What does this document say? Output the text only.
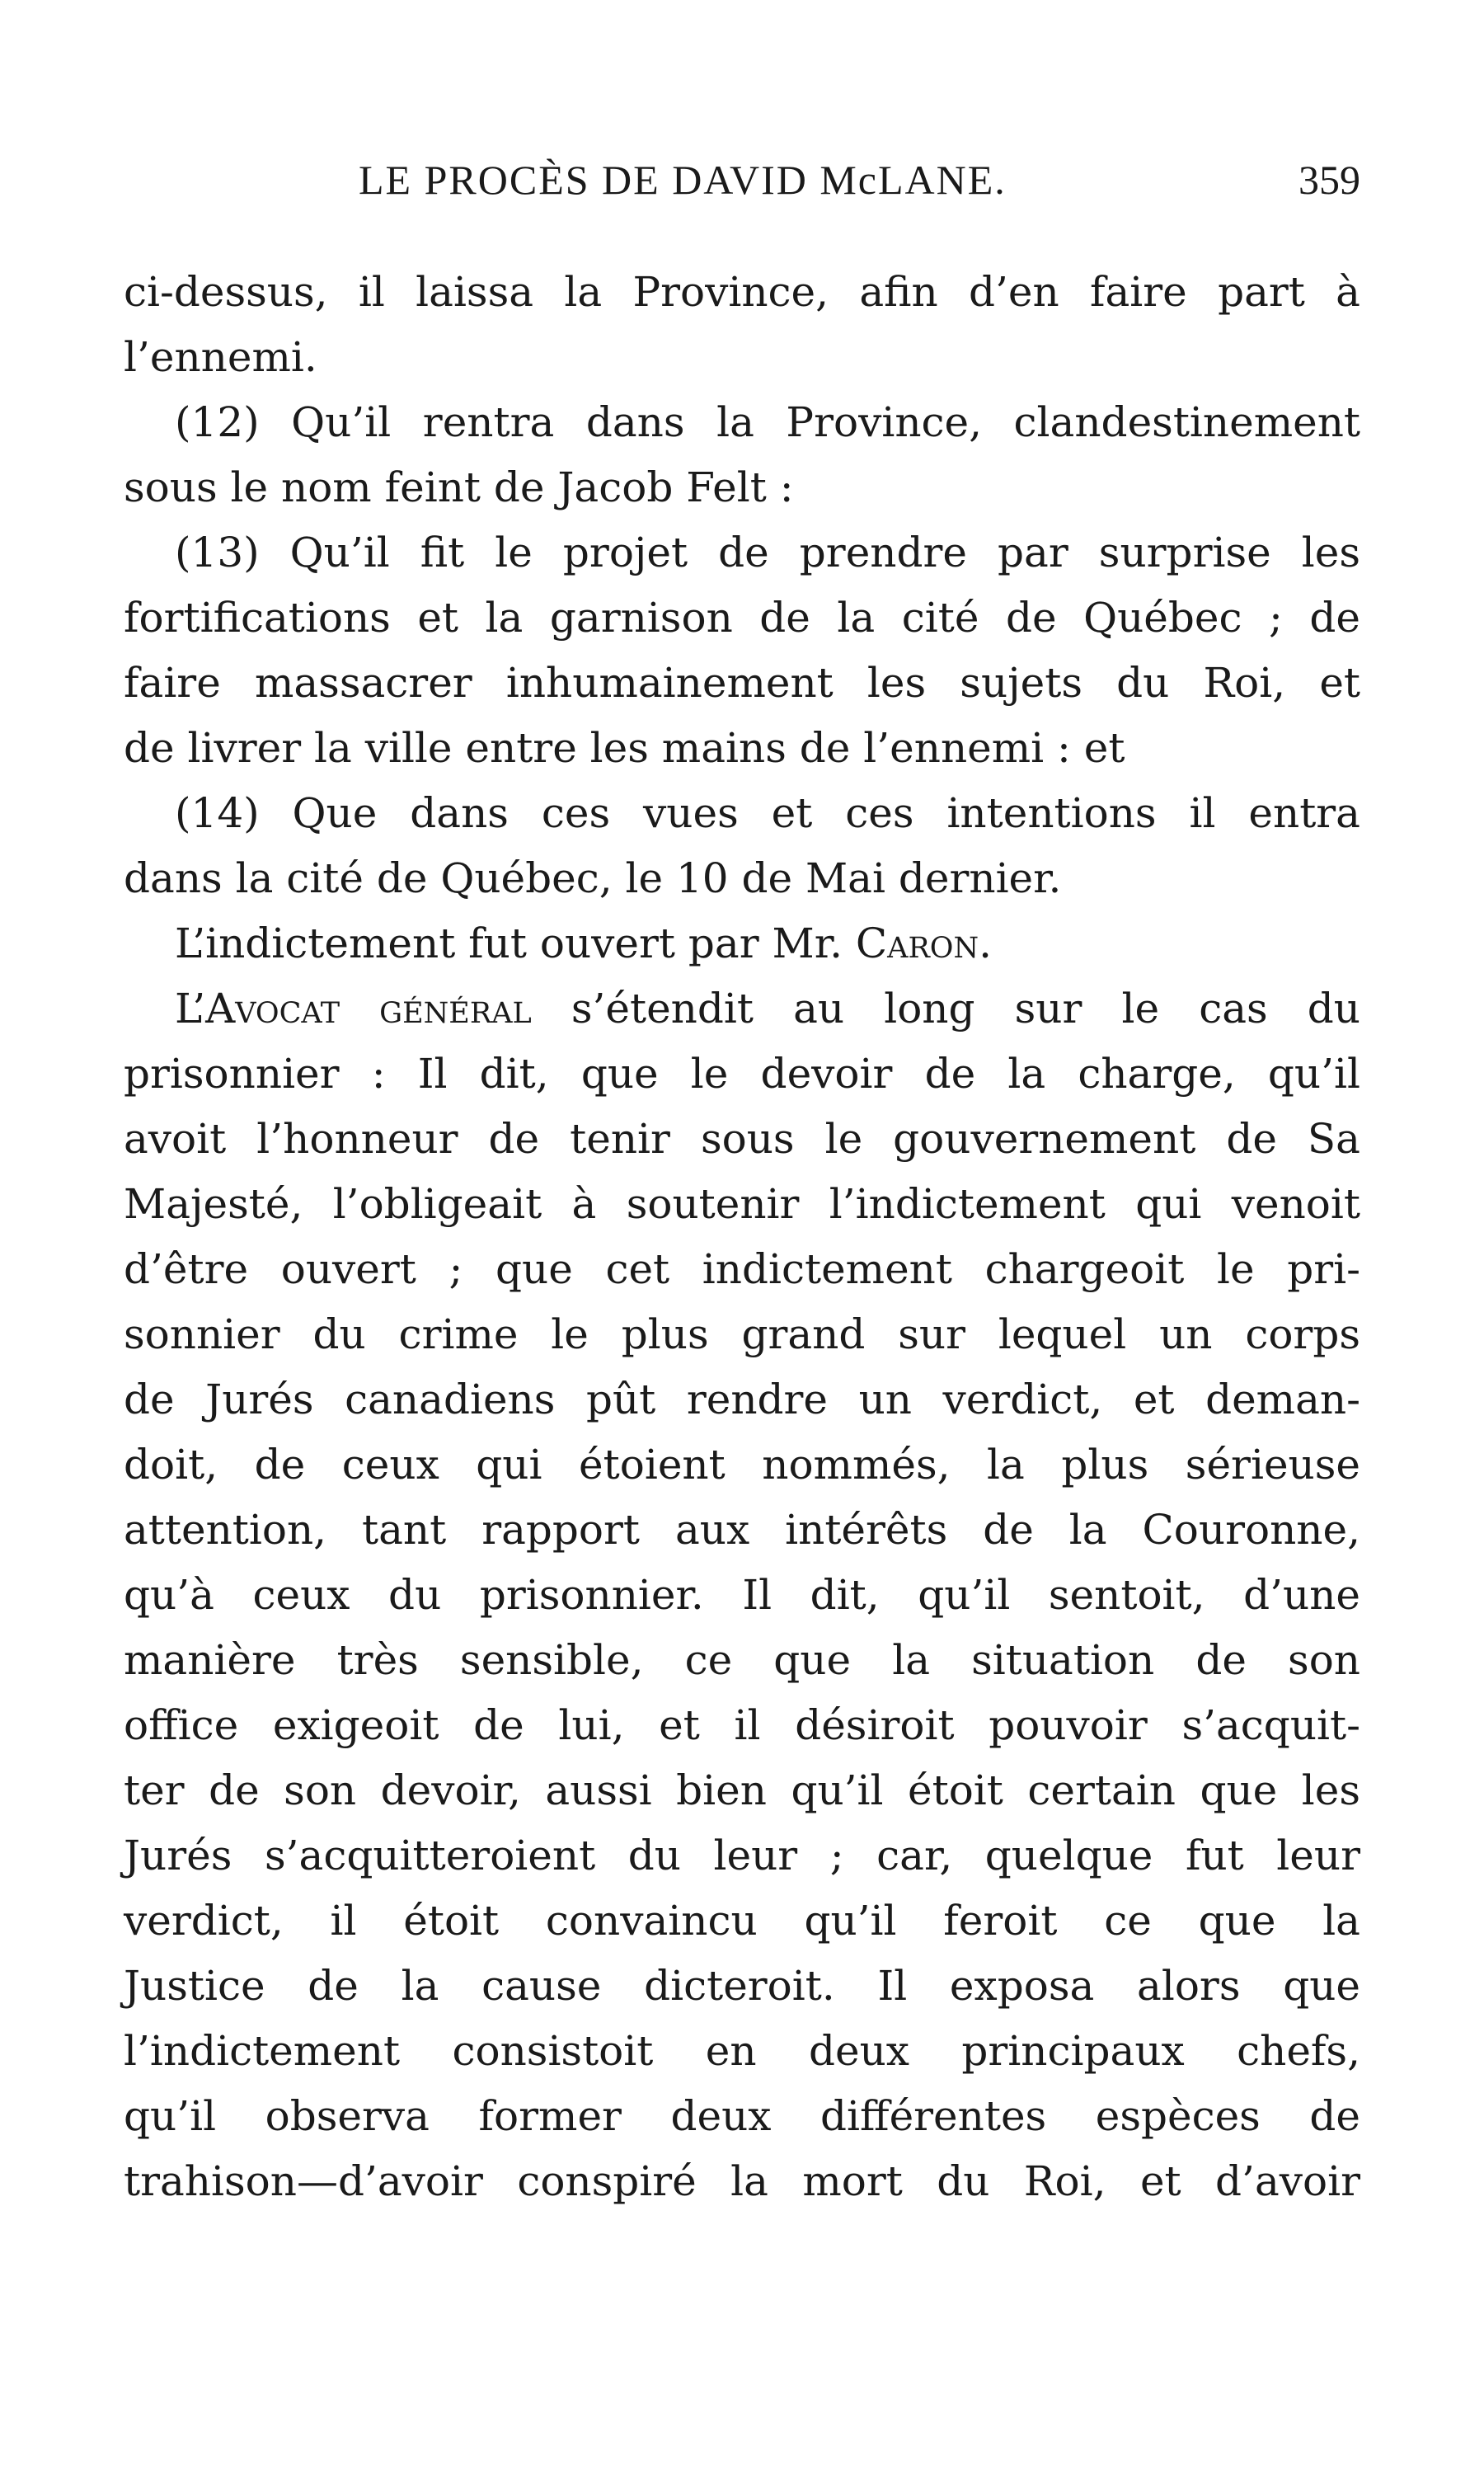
LE PROCÈS DE DAVID McLANE.	359
ci-dessus, il laissa la Province, afin d’en faire part à
l’ennemi.
(12) Qu’il rentra dans la Province, clandestinement
sous le nom feint de Jacob Felt :
(13) Qu’il fit le projet de prendre par surprise les
fortifications et la garnison de la cité de Québec ; de
faire massacrer inhumainement les sujets du Roi, et
de livrer la ville entre les mains de l’ennemi : et
(14) Que dans ces vues et ces intentions il entra
dans la cité de Québec, le 10 de Mai dernier.
L’indictement fut ouvert par Mr. Caron.
L’Avocat général s’étendit au long sur le cas du
prisonnier : Il dit, que le devoir de la charge, qu’il
avoit l’honneur de tenir sous le gouvernement de Sa
Majesté, l’obligeait à soutenir l’indictement qui venoit
d’être ouvert ; que cet indictement chargeoit le pri-
sonnier du crime le plus grand sur lequel un corps
de Jurés canadiens pût rendre un verdict, et deman-
doit, de ceux qui étoient nommés, la plus sérieuse
attention, tant rapport aux intérêts de la Couronne,
qu’à ceux du prisonnier. Il dit, qu’il sentoit, d’une
manière très sensible, ce que la situation de son
office exigeoit de lui, et il désiroit pouvoir s’acquit-
ter de son devoir, aussi bien qu’il étoit certain que les
Jurés s’acquitteroient du leur ; car, quelque fut leur
verdict, il étoit convaincu qu’il feroit ce que la
Justice de la cause dicteroit. Il exposa alors que
l’indictement consistoit en deux principaux chefs,
qu’il observa former deux différentes espèces de
trahison—d’avoir conspiré la mort du Roi, et d’avoir
